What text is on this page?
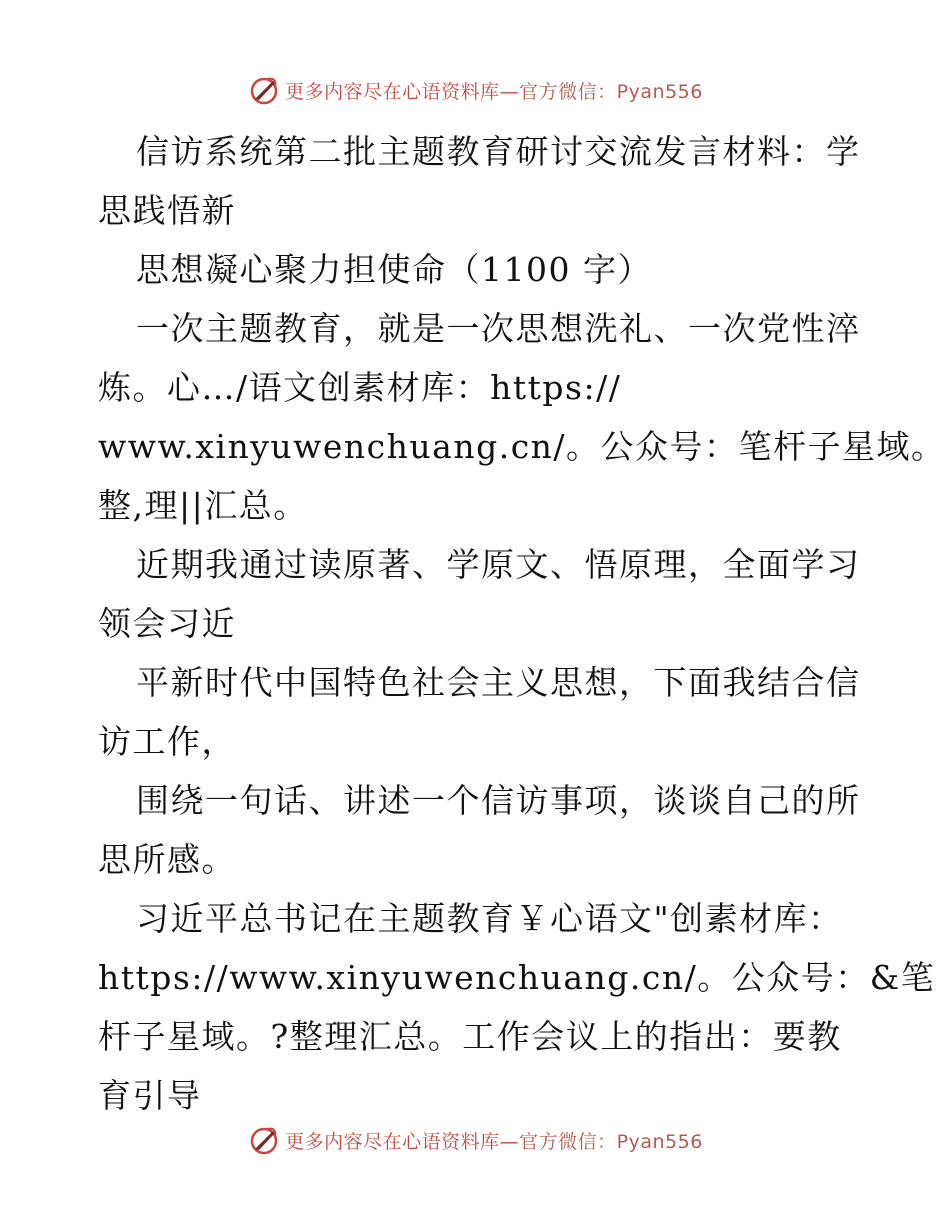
更多内容尽在心语资料库—官方微信：Pyan556
信访系统第二批主题教育研讨交流发言材料：学
思践悟新
思想凝心聚力担使命（1100 字）
一次主题教育，就是一次思想洗礼、一次党性淬
炼。心…/语文创素材库：https://
www.xinyuwenchuang.cn/。公众号：笔杆子星域。
整,理||汇总。
近期我通过读原著、学原文、悟原理，全面学习
领会习近
平新时代中国特色社会主义思想，下面我结合信
访工作，
围绕一句话、讲述一个信访事项，谈谈自己的所
思所感。
习近平总书记在主题教育￥心语文"创素材库：
https://www.xinyuwenchuang.cn/。公众号：&笔
杆子星域。?整理汇总。工作会议上的指出：要教
育引导
更多内容尽在心语资料库—官方微信：Pyan556
